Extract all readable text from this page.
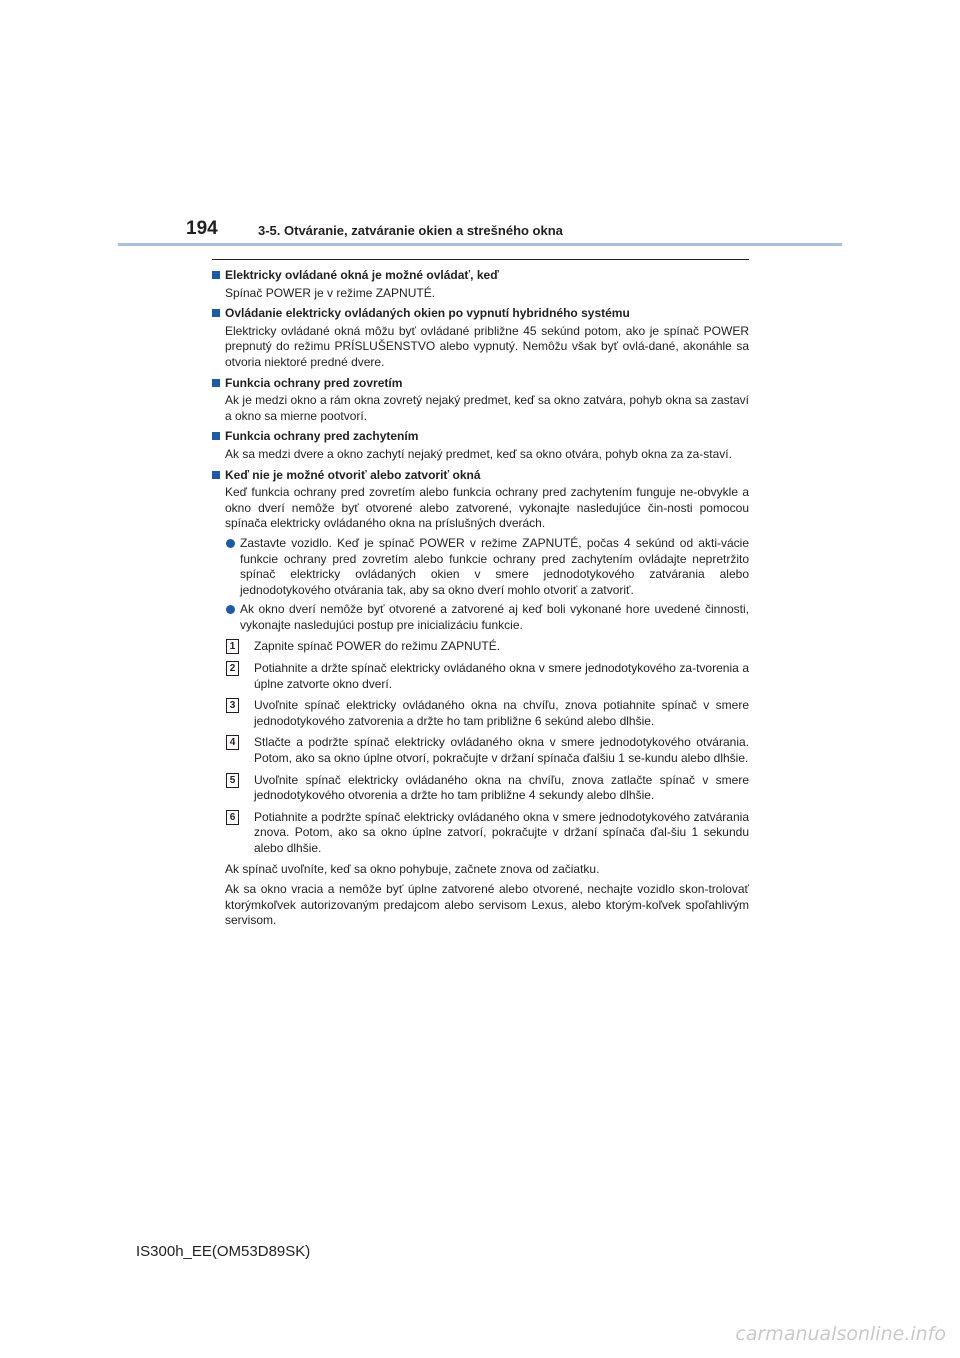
194	3-5. Otváranie, zatváranie okien a strešného okna

Elektricky ovládané okná je možné ovládať, keď

Spínač POWER je v režime ZAPNUTÉ.

Ovládanie elektricky ovládaných okien po vypnutí hybridného systému

Elektricky ovládané okná môžu byť ovládané približne 45 sekúnd potom, ako je spínač POWER prepnutý do režimu PRÍSLUŠENSTVO alebo vypnutý. Nemôžu však byť ovlá-dané, akonáhle sa otvoria niektoré predné dvere.

Funkcia ochrany pred zovretím

Ak je medzi okno a rám okna zovretý nejaký predmet, keď sa okno zatvára, pohyb okna sa zastaví a okno sa mierne pootvorí.

Funkcia ochrany pred zachytením

Ak sa medzi dvere a okno zachytí nejaký predmet, keď sa okno otvára, pohyb okna za za-staví.

Keď nie je možné otvoriť alebo zatvoriť okná

Keď funkcia ochrany pred zovretím alebo funkcia ochrany pred zachytením funguje ne-obvykle a okno dverí nemôže byť otvorené alebo zatvorené, vykonajte nasledujúce čin-nosti pomocou spínača elektricky ovládaného okna na príslušných dverách.

Zastavte vozidlo. Keď je spínač POWER v režime ZAPNUTÉ, počas 4 sekúnd od akti-vácie funkcie ochrany pred zovretím alebo funkcie ochrany pred zachytením ovládajte nepretržito spínač elektricky ovládaných okien v smere jednodotykového zatvárania alebo jednodotykového otvárania tak, aby sa okno dverí mohlo otvoriť a zatvoriť.

Ak okno dverí nemôže byť otvorené a zatvorené aj keď boli vykonané hore uvedené činnosti, vykonajte nasledujúci postup pre inicializáciu funkcie.

1	Zapnite spínač POWER do režimu ZAPNUTÉ.

2	Potiahnite a držte spínač elektricky ovládaného okna v smere jednodotykového za-tvorenia a úplne zatvorte okno dverí.

3	Uvoľnite spínač elektricky ovládaného okna na chvíľu, znova potiahnite spínač v smere jednodotykového zatvorenia a držte ho tam približne 6 sekúnd alebo dlhšie.

4	Stlačte a podržte spínač elektricky ovládaného okna v smere jednodotykového otvárania. Potom, ako sa okno úplne otvorí, pokračujte v držaní spínača ďalšiu 1 se-kundu alebo dlhšie.

5	Uvoľnite spínač elektricky ovládaného okna na chvíľu, znova zatlačte spínač v smere jednodotykového otvorenia a držte ho tam približne 4 sekundy alebo dlhšie.

6	Potiahnite a podržte spínač elektricky ovládaného okna v smere jednodotykového zatvárania znova. Potom, ako sa okno úplne zatvorí, pokračujte v držaní spínača ďal-šiu 1 sekundu alebo dlhšie.

Ak spínač uvoľníte, keď sa okno pohybuje, začnete znova od začiatku.

Ak sa okno vracia a nemôže byť úplne zatvorené alebo otvorené, nechajte vozidlo skon-trolovať ktorýmkoľvek autorizovaným predajcom alebo servisom Lexus, alebo ktorým-koľvek spoľahlivým servisom.

IS300h_EE(OM53D89SK)
carmanualsonline.info
